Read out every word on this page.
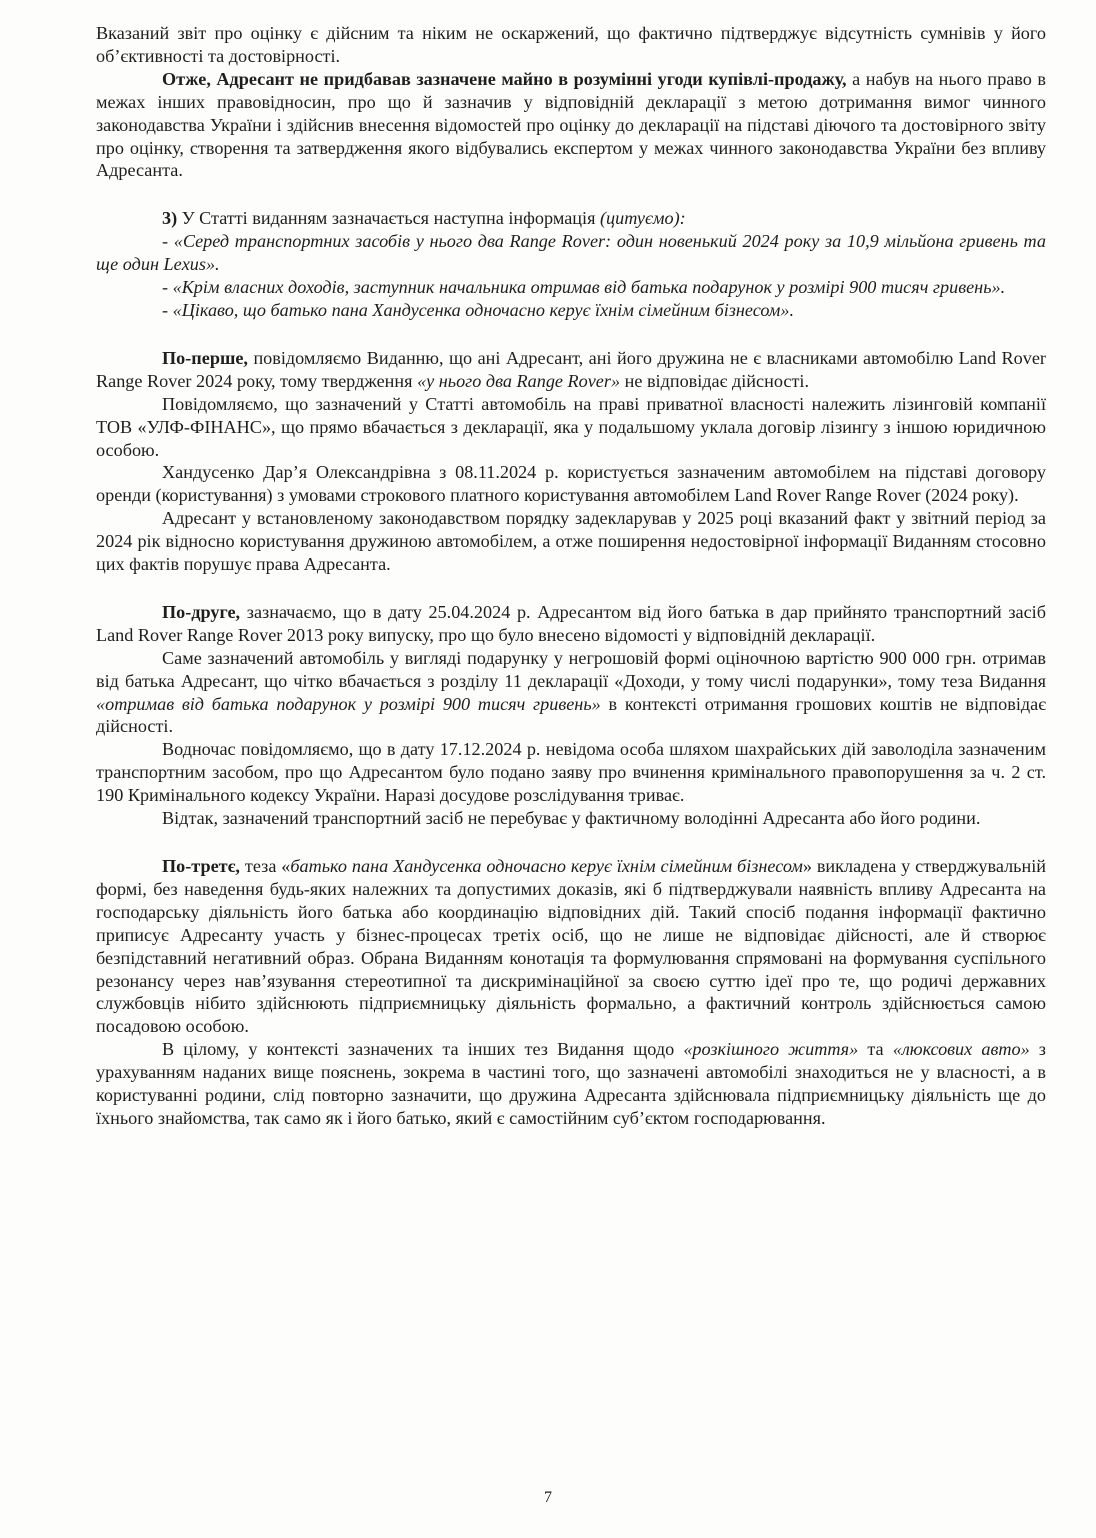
Вказаний звіт про оцінку є дійсним та ніким не оскаржений, що фактично підтверджує відсутність сумнівів у його об’єктивності та достовірності.

Отже, Адресант не придбавав зазначене майно в розумінні угоди купівлі-продажу, а набув на нього право в межах інших правовідносин, про що й зазначив у відповідній декларації з метою дотримання вимог чинного законодавства України і здійснив внесення відомостей про оцінку до декларації на підставі діючого та достовірного звіту про оцінку, створення та затвердження якого відбувались експертом у межах чинного законодавства України без впливу Адресанта.

3) У Статті виданням зазначається наступна інформація (цитуємо):

- «Серед транспортних засобів у нього два Range Rover: один новенький 2024 року за 10,9 мільйона гривень та ще один Lexus».

- «Крім власних доходів, заступник начальника отримав від батька подарунок у розмірі 900 тисяч гривень».

- «Цікаво, що батько пана Хандусенка одночасно керує їхнім сімейним бізнесом».

По-перше, повідомляємо Виданню, що ані Адресант, ані його дружина не є власниками автомобілю Land Rover Range Rover 2024 року, тому твердження «у нього два Range Rover» не відповідає дійсності.

Повідомляємо, що зазначений у Статті автомобіль на праві приватної власності належить лізинговій компанії ТОВ «УЛФ-ФІНАНС», що прямо вбачається з декларації, яка у подальшому уклала договір лізингу з іншою юридичною особою.

Хандусенко Дар’я Олександрівна з 08.11.2024 р. користується зазначеним автомобілем на підставі договору оренди (користування) з умовами строкового платного користування автомобілем Land Rover Range Rover (2024 року).

Адресант у встановленому законодавством порядку задекларував у 2025 році вказаний факт у звітний період за 2024 рік відносно користування дружиною автомобілем, а отже поширення недостовірної інформації Виданням стосовно цих фактів порушує права Адресанта.

По-друге, зазначаємо, що в дату 25.04.2024 р. Адресантом від його батька в дар прийнято транспортний засіб Land Rover Range Rover 2013 року випуску, про що було внесено відомості у відповідній декларації.

Саме зазначений автомобіль у вигляді подарунку у негрошовій формі оціночною вартістю 900 000 грн. отримав від батька Адресант, що чітко вбачається з розділу 11 декларації «Доходи, у тому числі подарунки», тому теза Видання «отримав від батька подарунок у розмірі 900 тисяч гривень» в контексті отримання грошових коштів не відповідає дійсності.

Водночас повідомляємо, що в дату 17.12.2024 р. невідома особа шляхом шахрайських дій заволоділа зазначеним транспортним засобом, про що Адресантом було подано заяву про вчинення кримінального правопорушення за ч. 2 ст. 190 Кримінального кодексу України. Наразі досудове розслідування триває.

Відтак, зазначений транспортний засіб не перебуває у фактичному володінні Адресанта або його родини.

По-третє, теза «батько пана Хандусенка одночасно керує їхнім сімейним бізнесом» викладена у стверджувальній формі, без наведення будь-яких належних та допустимих доказів, які б підтверджували наявність впливу Адресанта на господарську діяльність його батька або координацію відповідних дій. Такий спосіб подання інформації фактично приписує Адресанту участь у бізнес-процесах третіх осіб, що не лише не відповідає дійсності, але й створює безпідставний негативний образ. Обрана Виданням конотація та формулювання спрямовані на формування суспільного резонансу через нав’язування стереотипної та дискримінаційної за своєю суттю ідеї про те, що родичі державних службовців нібито здійснюють підприємницьку діяльність формально, а фактичний контроль здійснюється самою посадовою особою.

В цілому, у контексті зазначених та інших тез Видання щодо «розкішного життя» та «люксових авто» з урахуванням наданих вище пояснень, зокрема в частині того, що зазначені автомобілі знаходиться не у власності, а в користуванні родини, слід повторно зазначити, що дружина Адресанта здійснювала підприємницьку діяльність ще до їхнього знайомства, так само як і його батько, який є самостійним суб’єктом господарювання.

7
